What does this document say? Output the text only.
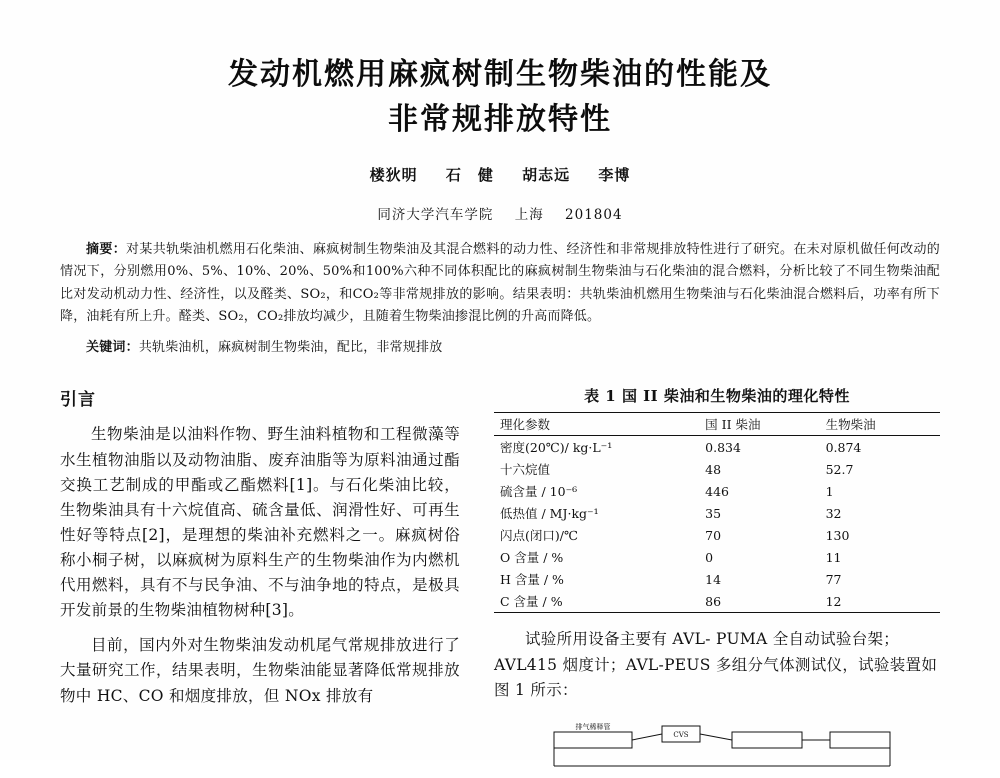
发动机燃用麻疯树制生物柴油的性能及
非常规排放特性
楼狄明 石　健 胡志远 李博
同济大学汽车学院 上海 201804

摘要：对某共轨柴油机燃用石化柴油、麻疯树制生物柴油及其混合燃料的动力性、经济性和非常规排放特性进行了研究。在未对原机做任何改动的情况下，分别燃用0%、5%、10%、20%、50%和100%六种不同体积配比的麻疯树制生物柴油与石化柴油的混合燃料，分析比较了不同生物柴油配比对发动机动力性、经济性，以及醛类、SO₂，和CO₂等非常规排放的影响。结果表明：共轨柴油机燃用生物柴油与石化柴油混合燃料后，功率有所下降，油耗有所上升。醛类、SO₂，CO₂排放均减少，且随着生物柴油掺混比例的升高而降低。

关键词：共轨柴油机，麻疯树制生物柴油，配比，非常规排放
引言

生物柴油是以油料作物、野生油料植物和工程微藻等水生植物油脂以及动物油脂、废弃油脂等为原料油通过酯交换工艺制成的甲酯或乙酯燃料[1]。与石化柴油比较，生物柴油具有十六烷值高、硫含量低、润滑性好、可再生性好等特点[2]，是理想的柴油补充燃料之一。麻疯树俗称小桐子树，以麻疯树为原料生产的生物柴油作为内燃机代用燃料，具有不与民争油、不与油争地的特点，是极具开发前景的生物柴油植物树种[3]。

目前，国内外对生物柴油发动机尾气常规排放进行了大量研究工作，结果表明，生物柴油能显著降低常规排放物中 HC、CO 和烟度排放，但 NOx 排放有

表 1 国 II 柴油和生物柴油的理化特性
理化参数	国 II 柴油	生物柴油
密度(20℃)/ kg·L⁻¹	0.834	0.874
十六烷值	48	52.7
硫含量 / 10⁻⁶	446	1
低热值 / MJ·kg⁻¹	35	32
闪点(闭口)/℃	70	130
O 含量 / %	0	11
H 含量 / %	14	77
C 含量 / %	86	12

试验所用设备主要有 AVL- PUMA 全自动试验台架；AVL415 烟度计；AVL-PEUS 多组分气体测试仪，试验装置如图 1 所示：

排气稀释管
CVS
